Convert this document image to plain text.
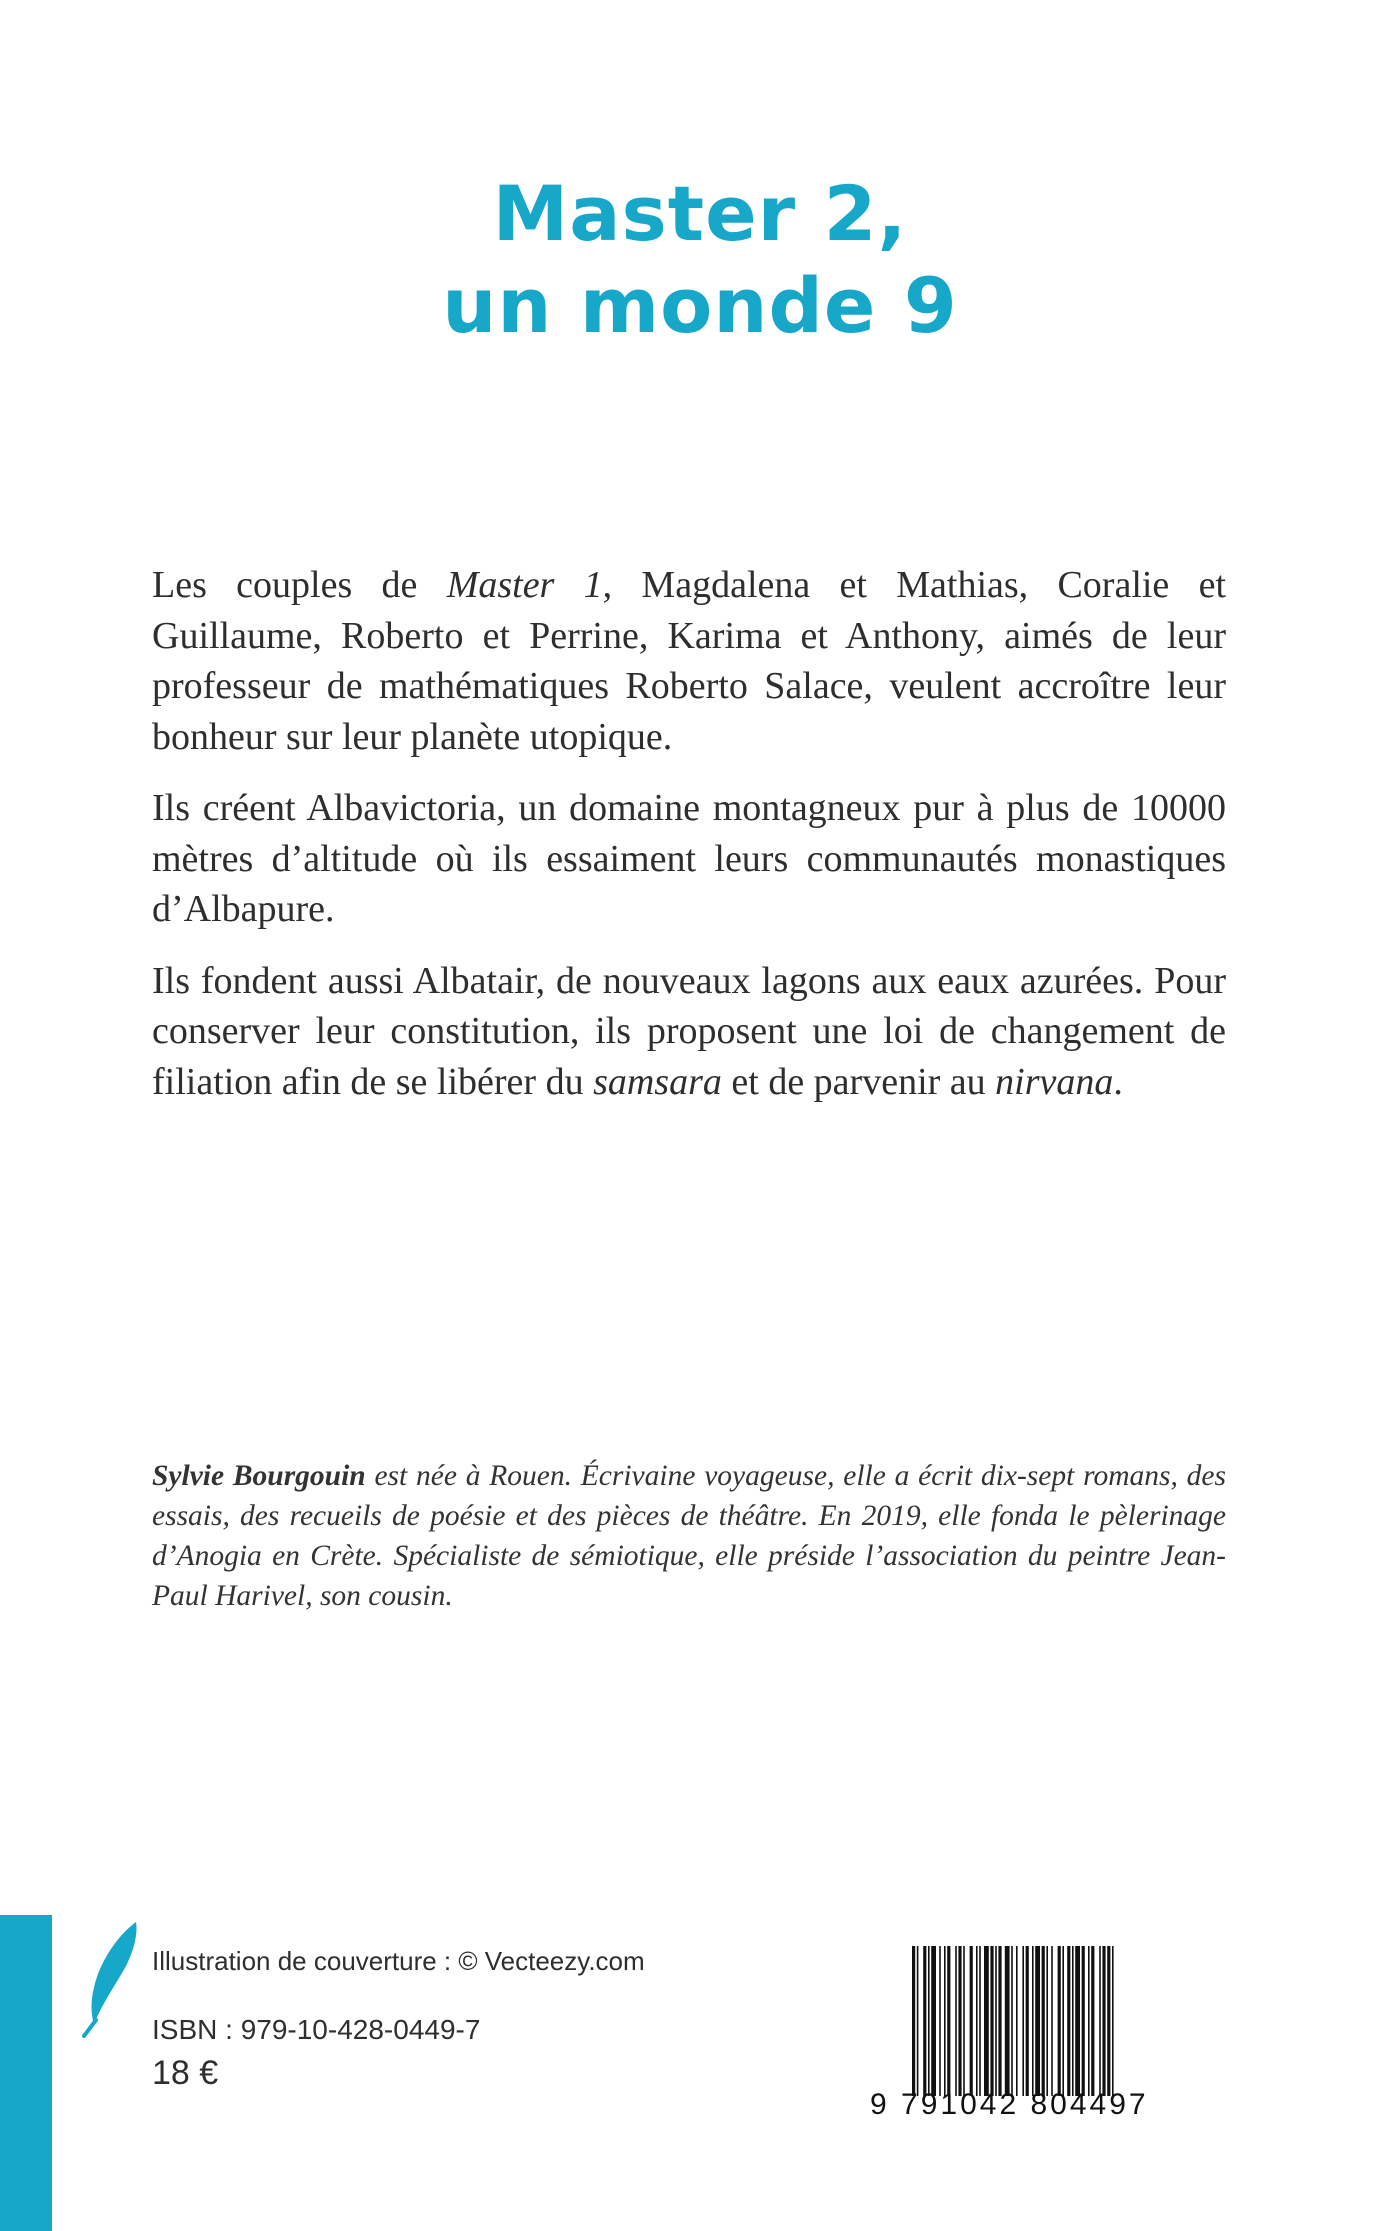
Master 2,
un monde 9

Les couples de Master 1, Magdalena et Mathias, Coralie et Guillaume, Roberto et Perrine, Karima et Anthony, aimés de leur professeur de mathématiques Roberto Salace, veulent accroître leur bonheur sur leur planète utopique.

Ils créent Albavictoria, un domaine montagneux pur à plus de 10000 mètres d’altitude où ils essaiment leurs communautés monastiques d’Albapure.

Ils fondent aussi Albatair, de nouveaux lagons aux eaux azurées. Pour conserver leur constitution, ils proposent une loi de changement de filiation afin de se libérer du samsara et de parvenir au nirvana.

Sylvie Bourgouin est née à Rouen. Écrivaine voyageuse, elle a écrit dix-sept romans, des essais, des recueils de poésie et des pièces de théâtre. En 2019, elle fonda le pèlerinage d’Anogia en Crète. Spécialiste de sémiotique, elle préside l’association du peintre Jean-Paul Harivel, son cousin.
Illustration de couverture : © Vecteezy.com
ISBN : 979-10-428-0449-7
18 €
9 791042 804497
